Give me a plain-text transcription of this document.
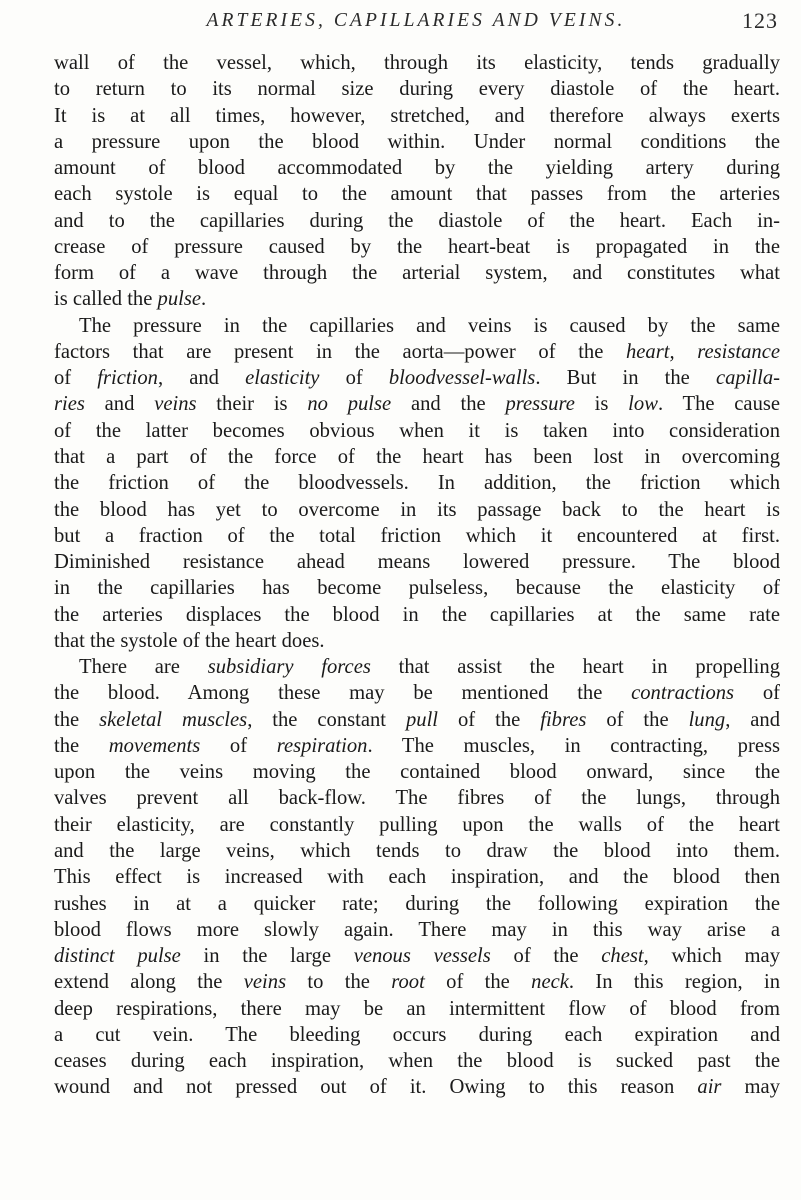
ARTERIES, CAPILLARIES AND VEINS.	123
wall of the vessel, which, through its elasticity, tends gradually
to return to its normal size during every diastole of the heart.
It is at all times, however, stretched, and therefore always exerts
a pressure upon the blood within. Under normal conditions the
amount of blood accommodated by the yielding artery during
each systole is equal to the amount that passes from the arteries
and to the capillaries during the diastole of the heart. Each in-
crease of pressure caused by the heart-beat is propagated in the
form of a wave through the arterial system, and constitutes what
is called the pulse.
The pressure in the capillaries and veins is caused by the same
factors that are present in the aorta—power of the heart, resistance
of friction, and elasticity of bloodvessel-walls. But in the capilla-
ries and veins their is no pulse and the pressure is low. The cause
of the latter becomes obvious when it is taken into consideration
that a part of the force of the heart has been lost in overcoming
the friction of the bloodvessels. In addition, the friction which
the blood has yet to overcome in its passage back to the heart is
but a fraction of the total friction which it encountered at first.
Diminished resistance ahead means lowered pressure. The blood
in the capillaries has become pulseless, because the elasticity of
the arteries displaces the blood in the capillaries at the same rate
that the systole of the heart does.
There are subsidiary forces that assist the heart in propelling
the blood. Among these may be mentioned the contractions of
the skeletal muscles, the constant pull of the fibres of the lung, and
the movements of respiration. The muscles, in contracting, press
upon the veins moving the contained blood onward, since the
valves prevent all back-flow. The fibres of the lungs, through
their elasticity, are constantly pulling upon the walls of the heart
and the large veins, which tends to draw the blood into them.
This effect is increased with each inspiration, and the blood then
rushes in at a quicker rate; during the following expiration the
blood flows more slowly again. There may in this way arise a
distinct pulse in the large venous vessels of the chest, which may
extend along the veins to the root of the neck. In this region, in
deep respirations, there may be an intermittent flow of blood from
a cut vein. The bleeding occurs during each expiration and
ceases during each inspiration, when the blood is sucked past the
wound and not pressed out of it. Owing to this reason air may
